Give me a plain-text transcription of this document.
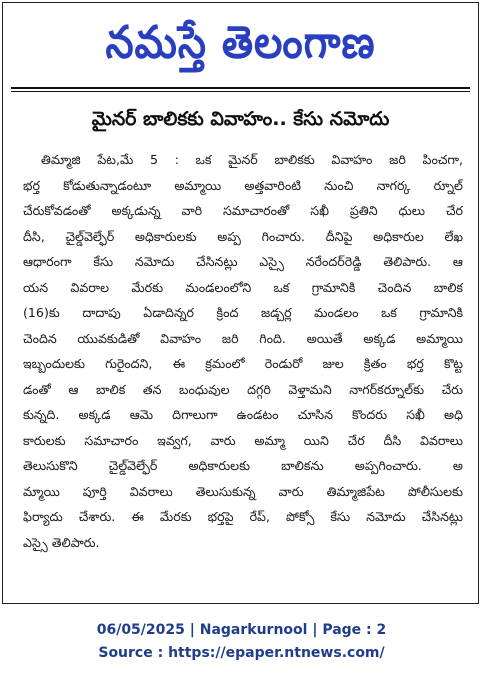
నమస్తే తెలంగాణ
మైనర్ బాలికకు వివాహం.. కేసు నమోదు
తిమ్మాజి పేట,మే 5 : ఒక మైనర్ బాలికకు వివాహం జరి పించగా,
భర్త కోడుతున్నాడంటూ అమ్మాయి అత్తవారింటి నుంచి నాగర్క ర్నూల్
చేరుకోవడంతో అక్కడున్న వారి సమాచారంతో సఖీ ప్రతిని ధులు చేర
దీసి, చైల్డ్‌వెల్ఫేర్ అధికారులకు అప్ప గించారు. దీనిపై అధికారుల లేఖ
ఆధారంగా కేసు నమోదు చేసినట్లు ఎస్సై నరేందర్‌రెడ్డి తెలిపారు. ఆ
యన వివరాల మేరకు మండలంలోని ఒక గ్రామానికి చెందిన బాలిక
(16)కు దాదాపు ఏడాదిన్నర క్రింద జడ్చర్ల మండలం ఒక గ్రామానికి
చెందిన యువకుడితో వివాహం జరి గింది. అయితే అక్కడ అమ్మాయి
ఇబ్బందులకు గురైందని, ఈ క్రమంలో రెండురో జుల క్రితం భర్త కొట్ట
డంతో ఆ బాలిక తన బంధువుల దగ్గరి వెళ్తామని నాగర్‌కర్నూల్‌కు చేరు
కున్నది. అక్కడ ఆమె దిగాలుగా ఉండటం చూసిన కొందరు సఖీ అధి
కారులకు సమాచారం ఇవ్వగ, వారు అమ్మా యిని చేర దీసి వివరాలు
తెలుసుకొని చైల్డ్‌వెల్ఫేర్ అధికారులకు బాలికను అప్పగించారు. అ
మ్మాయి పూర్తి వివరాలు తెలుసుకున్న వారు తిమ్మాజిపేట పోలీసులకు
ఫిర్యాదు చేశారు. ఈ మేరకు భర్తపై రేప్, పోక్సో కేసు నమోదు చేసినట్లు
ఎస్సై తెలిపారు.
06/05/2025 | Nagarkurnool | Page : 2
Source : https://epaper.ntnews.com/
